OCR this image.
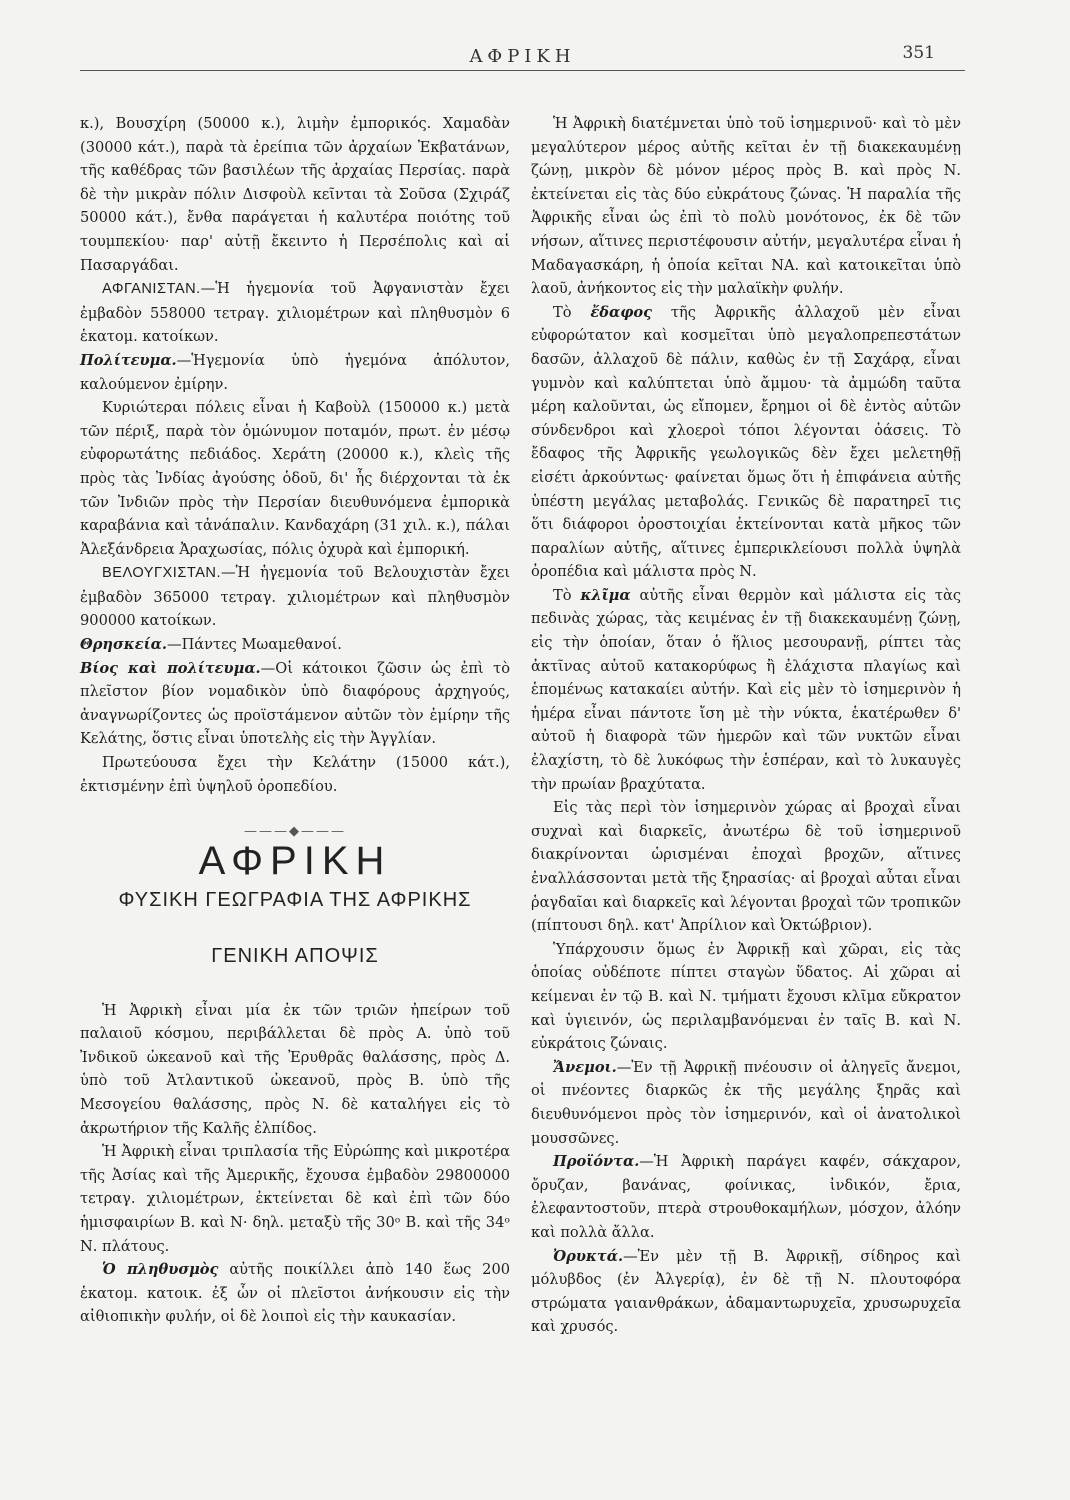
ΑΦΡΙΚΗ	351

κ.), Βουσχίρη (50000 κ.), λιμὴν ἐμπορικός. Χαμαδὰν (30000 κάτ.), παρὰ τὰ ἐρείπια τῶν ἀρχαίων Ἐκβατάνων, τῆς καθέδρας τῶν βασιλέων τῆς ἀρχαίας Περσίας. παρὰ δὲ τὴν μικρὰν πόλιν Δισφοὺλ κεῖνται τὰ Σοῦσα (Σχιράζ 50000 κάτ.), ἔνθα παράγεται ἡ καλυτέρα ποιότης τοῦ τουμπεκίου· παρ' αὐτῇ ἔκειντο ἡ Περσέπολις καὶ αἱ Πασαργάδαι.

ΑΦΓΑΝΙΣΤΑΝ.—Ἡ ἡγεμονία τοῦ Ἀφγανιστὰν ἔχει ἐμβαδὸν 558000 τετραγ. χιλιομέτρων καὶ πληθυσμὸν 6 ἑκατομ. κατοίκων.

Πολίτευμα.—Ἡγεμονία ὑπὸ ἡγεμόνα ἀπόλυτον, καλούμενον ἐμίρην.

Κυριώτεραι πόλεις εἶναι ἡ Καβοὺλ (150000 κ.) μετὰ τῶν πέριξ, παρὰ τὸν ὁμώνυμον ποταμόν, πρωτ. ἐν μέσῳ εὐφορωτάτης πεδιάδος. Χεράτη (20000 κ.), κλεὶς τῆς πρὸς τὰς Ἰνδίας ἀγούσης ὁδοῦ, δι' ἧς διέρχονται τὰ ἐκ τῶν Ἰνδιῶν πρὸς τὴν Περσίαν διευθυνόμενα ἐμπορικὰ καραβάνια καὶ τἀνάπαλιν. Κανδαχάρη (31 χιλ. κ.), πάλαι Ἀλεξάνδρεια Ἀραχωσίας, πόλις ὀχυρὰ καὶ ἐμπορική.

ΒΕΛΟΥΓΧΙΣΤΑΝ.—Ἡ ἡγεμονία τοῦ Βελουχιστὰν ἔχει ἐμβαδὸν 365000 τετραγ. χιλιομέτρων καὶ πληθυσμὸν 900000 κατοίκων.

Θρησκεία.—Πάντες Μωαμεθανοί.

Βίος καὶ πολίτευμα.—Οἱ κάτοικοι ζῶσιν ὡς ἐπὶ τὸ πλεῖστον βίον νομαδικὸν ὑπὸ διαφόρους ἀρχηγούς, ἀναγνωρίζοντες ὡς προϊστάμενον αὐτῶν τὸν ἐμίρην τῆς Κελάτης, ὅστις εἶναι ὑποτελὴς εἰς τὴν Ἀγγλίαν.

Πρωτεύουσα ἔχει τὴν Κελάτην (15000 κάτ.), ἐκτισμένην ἐπὶ ὑψηλοῦ ὀροπεδίου.

———◆———
ΑΦΡΙΚΗ
ΦΥΣΙΚΗ ΓΕΩΓΡΑΦΙΑ ΤΗΣ ΑΦΡΙΚΗΣ
ΓΕΝΙΚΗ ΑΠΟΨΙΣ

Ἡ Ἀφρικὴ εἶναι μία ἐκ τῶν τριῶν ἠπείρων τοῦ παλαιοῦ κόσμου, περιβάλλεται δὲ πρὸς Α. ὑπὸ τοῦ Ἰνδικοῦ ὠκεανοῦ καὶ τῆς Ἐρυθρᾶς θαλάσσης, πρὸς Δ. ὑπὸ τοῦ Ἀτλαντικοῦ ὠκεανοῦ, πρὸς Β. ὑπὸ τῆς Μεσογείου θαλάσσης, πρὸς Ν. δὲ καταλήγει εἰς τὸ ἀκρωτήριον τῆς Καλῆς ἐλπίδος.

Ἡ Ἀφρικὴ εἶναι τριπλασία τῆς Εὐρώπης καὶ μικροτέρα τῆς Ἀσίας καὶ τῆς Ἀμερικῆς, ἔχουσα ἐμβαδὸν 29800000 τετραγ. χιλιομέτρων, ἐκτείνεται δὲ καὶ ἐπὶ τῶν δύο ἡμισφαιρίων Β. καὶ Ν· δηλ. μεταξὺ τῆς 30ᵒ Β. καὶ τῆς 34ᵒ Ν. πλάτους.

Ὁ πληθυσμὸς αὐτῆς ποικίλλει ἀπὸ 140 ἕως 200 ἑκατομ. κατοικ. ἐξ ὧν οἱ πλεῖστοι ἀνήκουσιν εἰς τὴν αἰθιοπικὴν φυλήν, οἱ δὲ λοιποὶ εἰς τὴν καυκασίαν.

Ἡ Ἀφρικὴ διατέμνεται ὑπὸ τοῦ ἰσημερινοῦ· καὶ τὸ μὲν μεγαλύτερον μέρος αὐτῆς κεῖται ἐν τῇ διακεκαυμένῃ ζώνῃ, μικρὸν δὲ μόνον μέρος πρὸς Β. καὶ πρὸς Ν. ἐκτείνεται εἰς τὰς δύο εὐκράτους ζώνας. Ἡ παραλία τῆς Ἀφρικῆς εἶναι ὡς ἐπὶ τὸ πολὺ μονότονος, ἐκ δὲ τῶν νήσων, αἵτινες περιστέφουσιν αὐτήν, μεγαλυτέρα εἶναι ἡ Μαδαγασκάρη, ἡ ὁποία κεῖται ΝΑ. καὶ κατοικεῖται ὑπὸ λαοῦ, ἀνήκοντος εἰς τὴν μαλαϊκὴν φυλήν.

Τὸ ἔδαφος τῆς Ἀφρικῆς ἀλλαχοῦ μὲν εἶναι εὐφορώτατον καὶ κοσμεῖται ὑπὸ μεγαλοπρεπεστάτων δασῶν, ἀλλαχοῦ δὲ πάλιν, καθὼς ἐν τῇ Σαχάρᾳ, εἶναι γυμνὸν καὶ καλύπτεται ὑπὸ ἄμμου· τὰ ἀμμώδη ταῦτα μέρη καλοῦνται, ὡς εἴπομεν, ἔρημοι οἱ δὲ ἐντὸς αὐτῶν σύνδενδροι καὶ χλοεροὶ τόποι λέγονται ὀάσεις. Τὸ ἔδαφος τῆς Ἀφρικῆς γεωλογικῶς δὲν ἔχει μελετηθῇ εἰσέτι ἀρκούντως· φαίνεται ὅμως ὅτι ἡ ἐπιφάνεια αὐτῆς ὑπέστη μεγάλας μεταβολάς. Γενικῶς δὲ παρατηρεῖ τις ὅτι διάφοροι ὀροστοιχίαι ἐκτείνονται κατὰ μῆκος τῶν παραλίων αὐτῆς, αἵτινες ἐμπερικλείουσι πολλὰ ὑψηλὰ ὀροπέδια καὶ μάλιστα πρὸς Ν.

Τὸ κλῖμα αὐτῆς εἶναι θερμὸν καὶ μάλιστα εἰς τὰς πεδινὰς χώρας, τὰς κειμένας ἐν τῇ διακεκαυμένῃ ζώνῃ, εἰς τὴν ὁποίαν, ὅταν ὁ ἥλιος μεσουρανῇ, ρίπτει τὰς ἀκτῖνας αὐτοῦ κατακορύφως ἢ ἐλάχιστα πλαγίως καὶ ἑπομένως κατακαίει αὐτήν. Καὶ εἰς μὲν τὸ ἰσημερινὸν ἡ ἡμέρα εἶναι πάντοτε ἴση μὲ τὴν νύκτα, ἑκατέρωθεν δ' αὐτοῦ ἡ διαφορὰ τῶν ἡμερῶν καὶ τῶν νυκτῶν εἶναι ἐλαχίστη, τὸ δὲ λυκόφως τὴν ἑσπέραν, καὶ τὸ λυκαυγὲς τὴν πρωίαν βραχύτατα.

Εἰς τὰς περὶ τὸν ἰσημερινὸν χώρας αἱ βροχαὶ εἶναι συχναὶ καὶ διαρκεῖς, ἀνωτέρω δὲ τοῦ ἰσημερινοῦ διακρίνονται ὡρισμέναι ἐποχαὶ βροχῶν, αἵτινες ἐναλλάσσονται μετὰ τῆς ξηρασίας· αἱ βροχαὶ αὗται εἶναι ῥαγδαῖαι καὶ διαρκεῖς καὶ λέγονται βροχαὶ τῶν τροπικῶν (πίπτουσι δηλ. κατ' Ἀπρίλιον καὶ Ὀκτώβριον).

Ὑπάρχουσιν ὅμως ἐν Ἀφρικῇ καὶ χῶραι, εἰς τὰς ὁποίας οὐδέποτε πίπτει σταγὼν ὕδατος. Αἱ χῶραι αἱ κείμεναι ἐν τῷ Β. καὶ Ν. τμήματι ἔχουσι κλῖμα εὔκρατον καὶ ὑγιεινόν, ὡς περιλαμβανόμεναι ἐν ταῖς Β. καὶ Ν. εὐκράτοις ζώναις.

Ἄνεμοι.—Ἐν τῇ Ἀφρικῇ πνέουσιν οἱ ἀληγεῖς ἄνεμοι, οἱ πνέοντες διαρκῶς ἐκ τῆς μεγάλης ξηρᾶς καὶ διευθυνόμενοι πρὸς τὸν ἰσημερινόν, καὶ οἱ ἀνατολικοὶ μουσσῶνες.

Προϊόντα.—Ἡ Ἀφρικὴ παράγει καφέν, σάκχαρον, ὄρυζαν, βανάνας, φοίνικας, ἰνδικόν, ἔρια, ἐλεφαντοστοῦν, πτερὰ στρουθοκαμήλων, μόσχον, ἀλόην καὶ πολλὰ ἄλλα.

Ὀρυκτά.—Ἐν μὲν τῇ Β. Ἀφρικῇ, σίδηρος καὶ μόλυβδος (ἐν Ἀλγερίᾳ), ἐν δὲ τῇ Ν. πλουτοφόρα στρώματα γαιανθράκων, ἀδαμαντωρυχεῖα, χρυσωρυχεῖα καὶ χρυσός.
